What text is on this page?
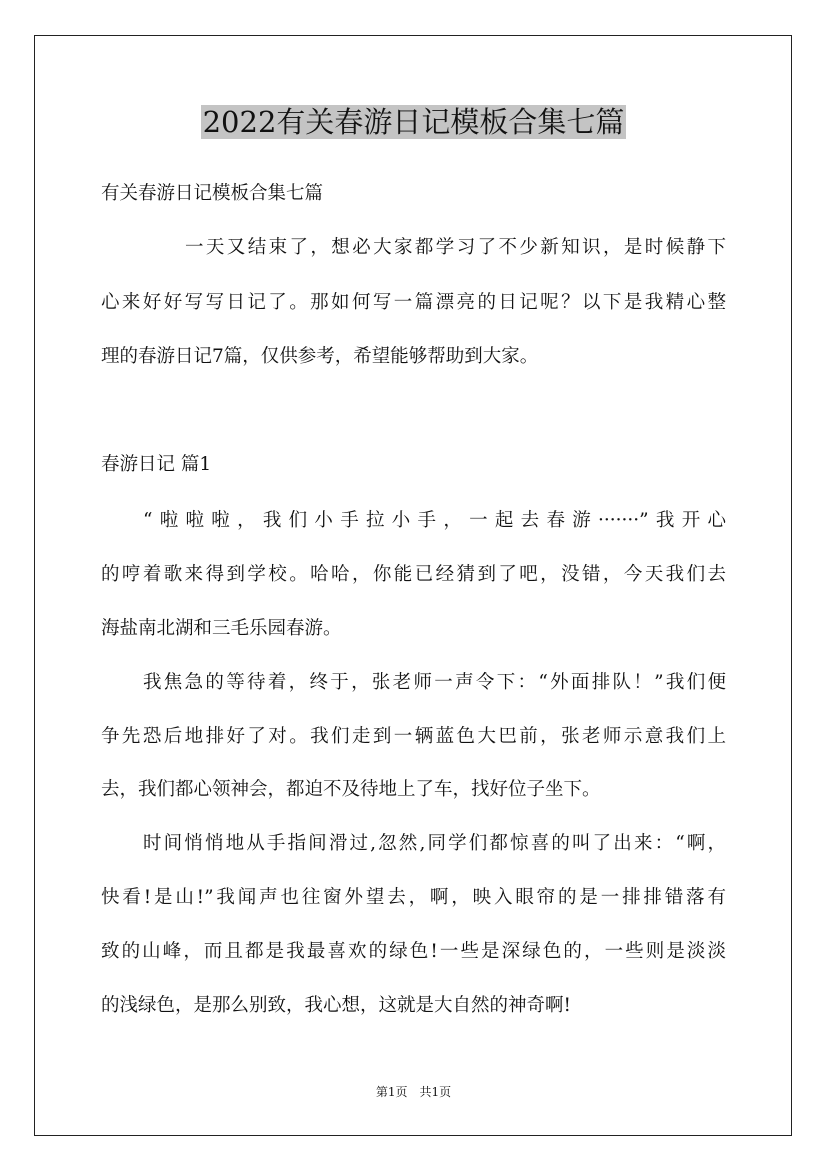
2022有关春游日记模板合集七篇

有关春游日记模板合集七篇

一天又结束了，想必大家都学习了不少新知识，是时候静下

心来好好写写日记了。那如何写一篇漂亮的日记呢？以下是我精心整

理的春游日记7篇，仅供参考，希望能够帮助到大家。

春游日记 篇1

“啦啦啦，我们小手拉小手，一起去春游·······”我开心

的哼着歌来得到学校。哈哈，你能已经猜到了吧，没错，今天我们去

海盐南北湖和三毛乐园春游。

我焦急的等待着，终于，张老师一声令下：“外面排队！”我们便

争先恐后地排好了对。我们走到一辆蓝色大巴前，张老师示意我们上

去，我们都心领神会，都迫不及待地上了车，找好位子坐下。

时间悄悄地从手指间滑过,忽然,同学们都惊喜的叫了出来：“啊，

快看!是山!”我闻声也往窗外望去，啊，映入眼帘的是一排排错落有

致的山峰，而且都是我最喜欢的绿色!一些是深绿色的，一些则是淡淡

的浅绿色，是那么别致，我心想，这就是大自然的神奇啊!

第1页　共1页
